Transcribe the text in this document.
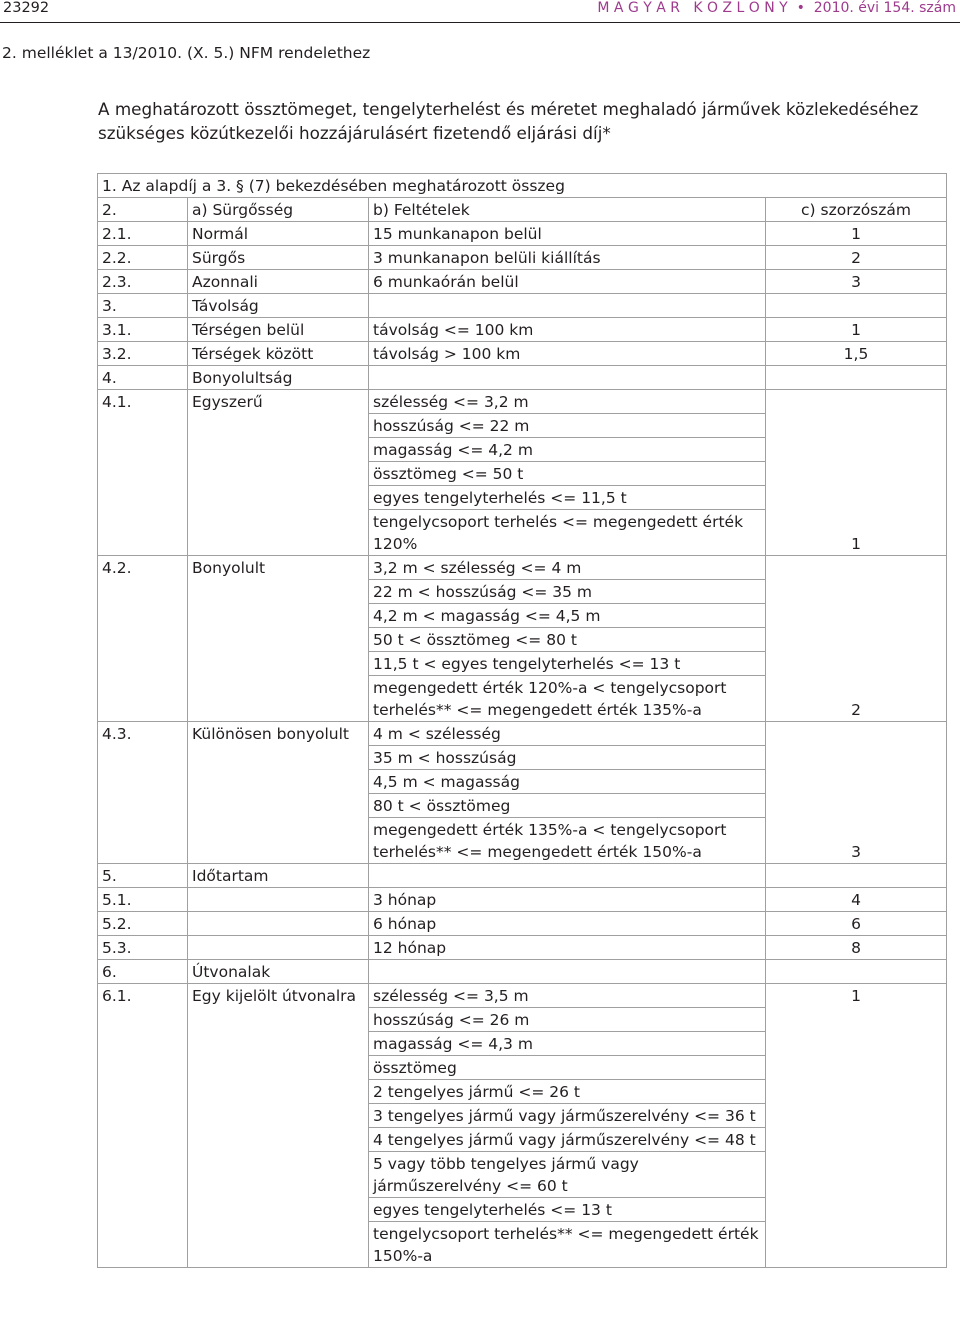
23292	M A G Y A R   K Ö Z L Ö N Y  •  2010. évi 154. szám
2. melléklet a 13/2010. (X. 5.) NFM rendelethez
A meghatározott össztömeget, tengelyterhelést és méretet meghaladó járművek közlekedéséhez szükséges közútkezelői hozzájárulásért fizetendő eljárási díj*
1. Az alapdíj a 3. § (7) bekezdésében meghatározott összeg			
2.	a) Sürgősség	b) Feltételek	c) szorzószám
2.1.	Normál	15 munkanapon belül	1
2.2.	Sürgős	3 munkanapon belüli kiállítás	2
2.3.	Azonnali	6 munkaórán belül	3
3.	Távolság		
3.1.	Térségen belül	távolság <= 100 km	1
3.2.	Térségek között	távolság > 100 km	1,5
4.	Bonyolultság		
4.1.	Egyszerű	szélesség <= 3,2 m	1
		hosszúság <= 22 m	
		magasság <= 4,2 m	
		össztömeg <= 50 t	
		egyes tengelyterhelés <= 11,5 t	
		tengelycsoport terhelés <= megengedett érték 120%	
4.2.	Bonyolult	3,2 m < szélesség <= 4 m	2
		22 m < hosszúság <= 35 m	
		4,2 m < magasság <= 4,5 m	
		50 t < össztömeg <= 80 t	
		11,5 t < egyes tengelyterhelés <= 13 t	
		megengedett érték 120%-a < tengelycsoport terhelés** <= megengedett érték 135%-a	
4.3.	Különösen bonyolult	4 m < szélesség	3
		35 m < hosszúság	
		4,5 m < magasság	
		80 t < össztömeg	
		megengedett érték 135%-a < tengelycsoport terhelés** <= megengedett érték 150%-a	
5.	Időtartam		
5.1.		3 hónap	4
5.2.		6 hónap	6
5.3.		12 hónap	8
6.	Útvonalak		
6.1.	Egy kijelölt útvonalra	szélesség <= 3,5 m	1
		hosszúság <= 26 m	
		magasság <= 4,3 m	
		össztömeg	
		2 tengelyes jármű <= 26 t	
		3 tengelyes jármű vagy járműszerelvény <= 36 t	
		4 tengelyes jármű vagy járműszerelvény <= 48 t	
		5 vagy több tengelyes jármű vagy járműszerelvény <= 60 t	
		egyes tengelyterhelés <= 13 t	
		tengelycsoport terhelés** <= megengedett érték 150%-a	
